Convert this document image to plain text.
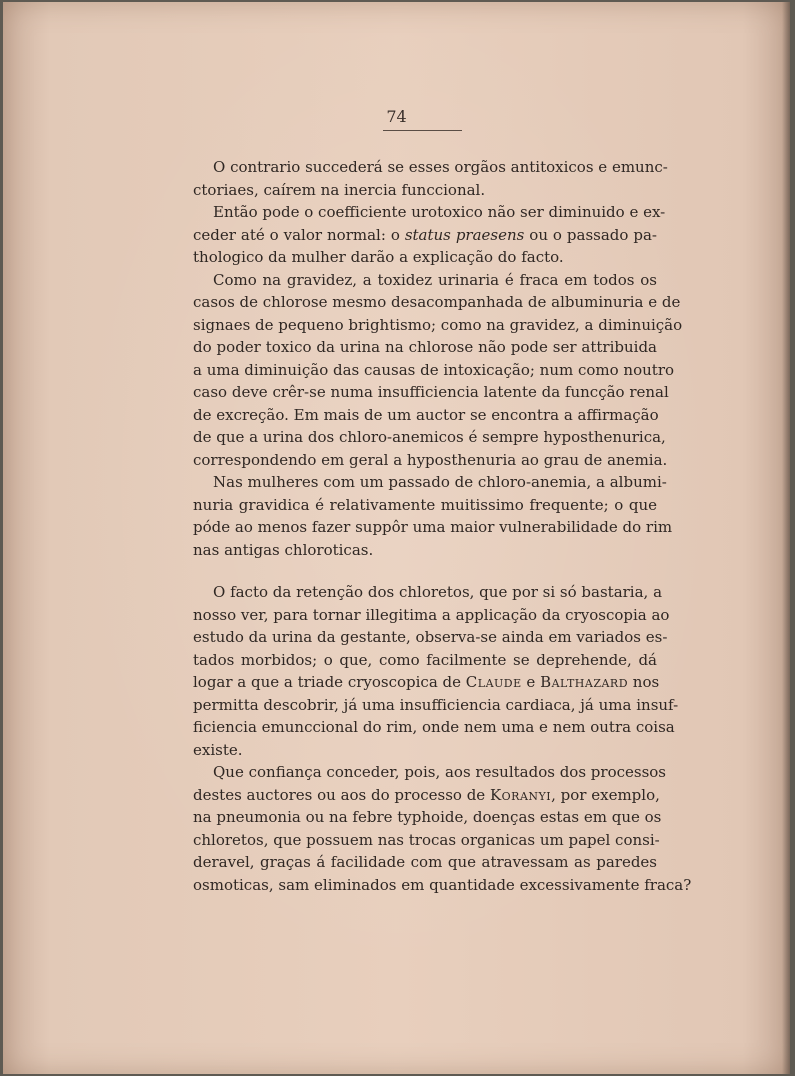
74

O contrario succederá se esses orgãos antitoxicos e emunc-

ctoriaes, caírem na inercia funccional.

Então pode o coefficiente urotoxico não ser diminuido e ex-

ceder até o valor normal: o status praesens ou o passado pa-

thologico da mulher darão a explicação do facto.

Como na gravidez, a toxidez urinaria é fraca em todos os

casos de chlorose mesmo desacompanhada de albuminuria e de

signaes de pequeno brightismo; como na gravidez, a diminuição

do poder toxico da urina na chlorose não pode ser attribuida

a uma diminuição das causas de intoxicação; num como noutro

caso deve crêr-se numa insufficiencia latente da funcção renal

de excreção. Em mais de um auctor se encontra a affirmação

de que a urina dos chloro-anemicos é sempre hyposthenurica,

correspondendo em geral a hyposthenuria ao grau de anemia.

Nas mulheres com um passado de chloro-anemia, a albumi-

nuria gravidica é relativamente muitissimo frequente; o que

póde ao menos fazer suppôr uma maior vulnerabilidade do rim

nas antigas chloroticas.

O facto da retenção dos chloretos, que por si só bastaria, a

nosso ver, para tornar illegitima a applicação da cryoscopia ao

estudo da urina da gestante, observa-se ainda em variados es-

tados morbidos; o que, como facilmente se deprehende, dá

logar a que a triade cryoscopica de Claude e Balthazard nos

permitta descobrir, já uma insufficiencia cardiaca, já uma insuf-

ficiencia emunccional do rim, onde nem uma e nem outra coisa

existe.

Que confiança conceder, pois, aos resultados dos processos

destes auctores ou aos do processo de Koranyi, por exemplo,

na pneumonia ou na febre typhoide, doenças estas em que os

chloretos, que possuem nas trocas organicas um papel consi-

deravel, graças á facilidade com que atravessam as paredes

osmoticas, sam eliminados em quantidade excessivamente fraca?
